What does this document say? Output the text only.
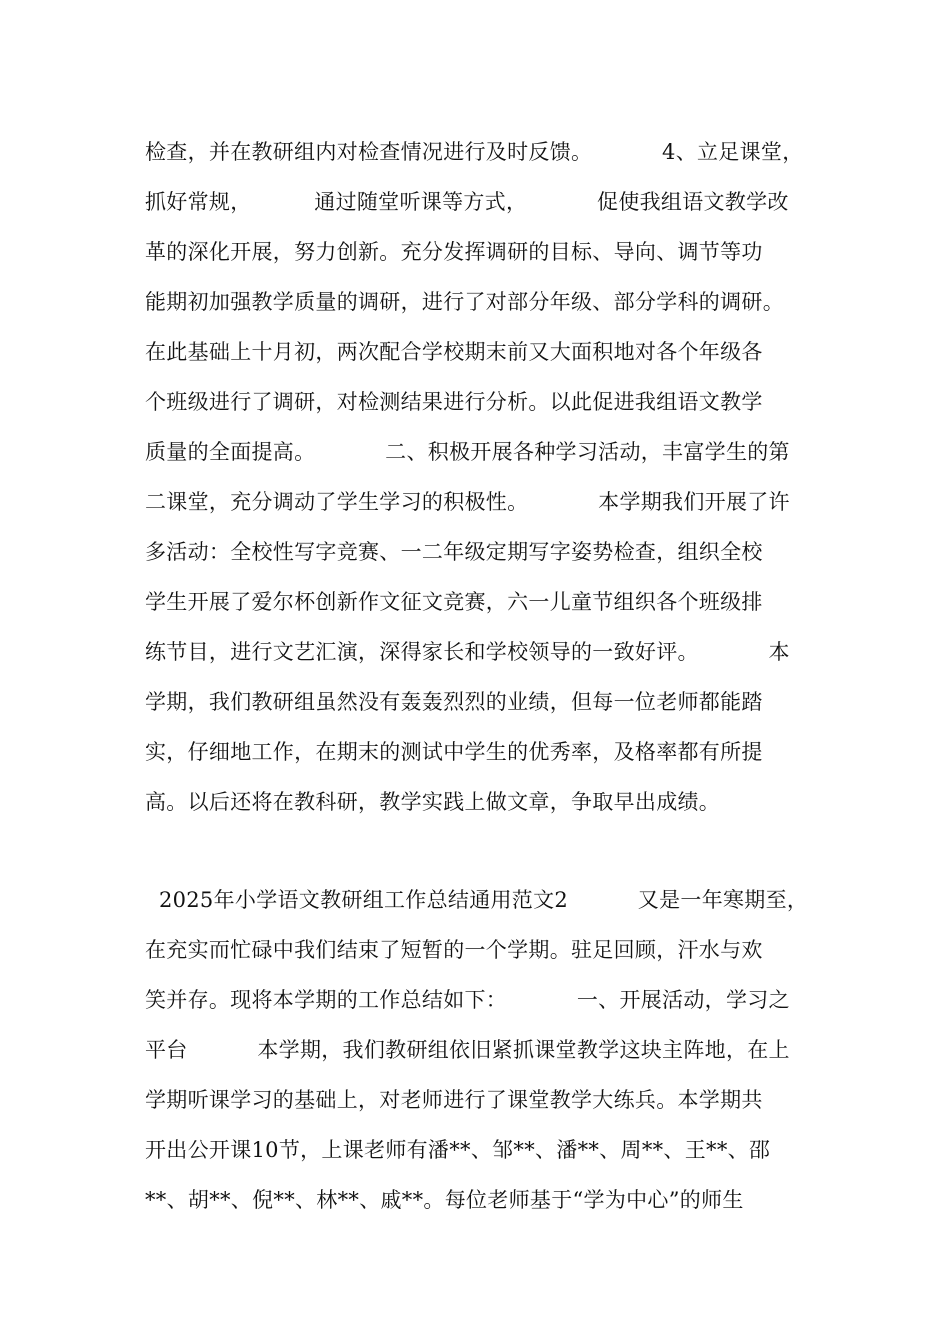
检查，并在教研组内对检查情况进行及时反馈。          4、立足课堂，
抓好常规，         通过随堂听课等方式，          促使我组语文教学改
革的深化开展，努力创新。充分发挥调研的目标、导向、调节等功
能期初加强教学质量的调研，进行了对部分年级、部分学科的调研。
在此基础上十月初，两次配合学校期末前又大面积地对各个年级各
个班级进行了调研，对检测结果进行分析。以此促进我组语文教学
质量的全面提高。          二、积极开展各种学习活动，丰富学生的第
二课堂，充分调动了学生学习的积极性。          本学期我们开展了许
多活动：全校性写字竞赛、一二年级定期写字姿势检查，组织全校
学生开展了爱尔杯创新作文征文竞赛，六一儿童节组织各个班级排
练节目，进行文艺汇演，深得家长和学校领导的一致好评。          本
学期，我们教研组虽然没有轰轰烈烈的业绩，但每一位老师都能踏
实，仔细地工作，在期末的测试中学生的优秀率，及格率都有所提
高。以后还将在教科研，教学实践上做文章，争取早出成绩。
2025年小学语文教研组工作总结通用范文2          又是一年寒期至，
在充实而忙碌中我们结束了短暂的一个学期。驻足回顾，汗水与欢
笑并存。现将本学期的工作总结如下：          一、开展活动，学习之
平台          本学期，我们教研组依旧紧抓课堂教学这块主阵地，在上
学期听课学习的基础上，对老师进行了课堂教学大练兵。本学期共
开出公开课10节，上课老师有潘**、邹**、潘**、周**、王**、邵
**、胡**、倪**、林**、戚**。每位老师基于“学为中心”的师生
